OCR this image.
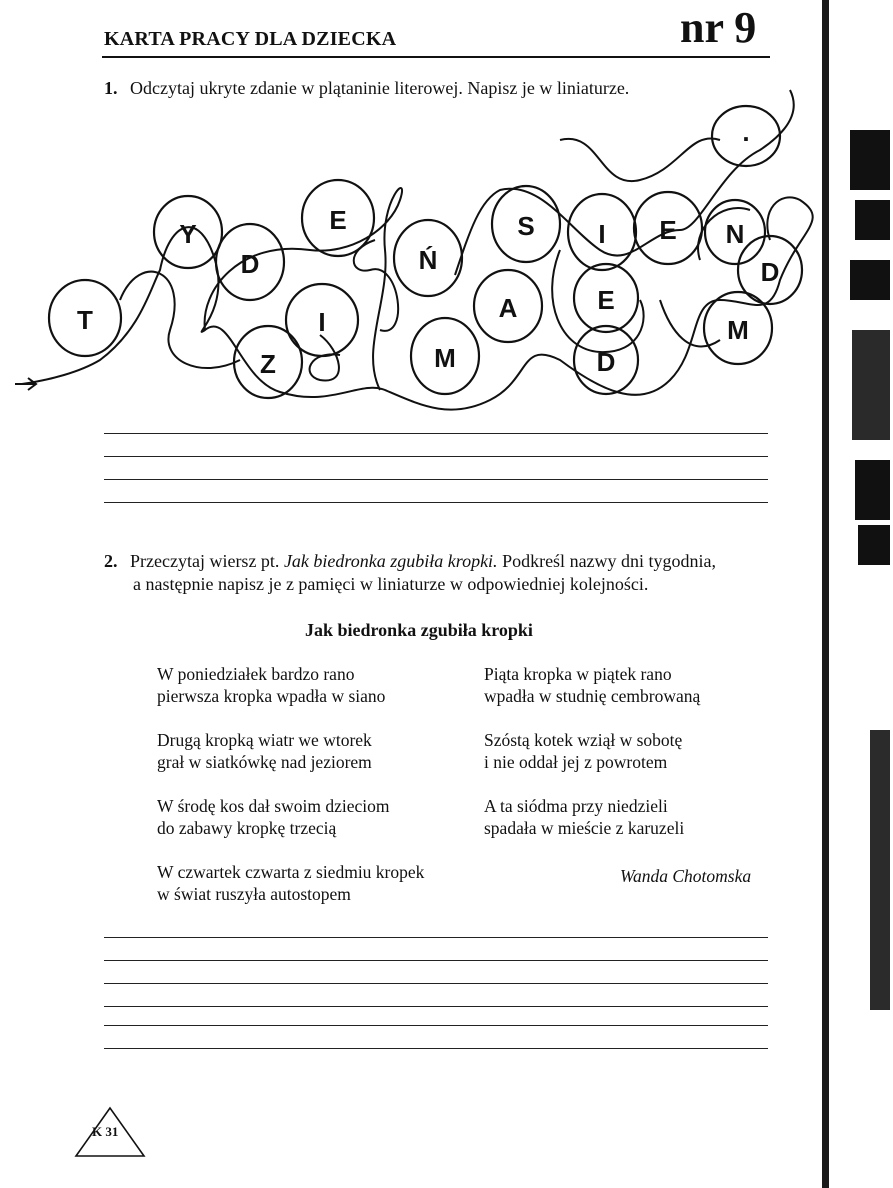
KARTA PRACY DLA DZIECKA	nr 9
1. Odczytaj ukryte zdanie w plątaninie literowej. Napisz je w liniaturze.
T
Y
D
Z
E
I
Ń
M
A
S
E
D
I E N
D
M
.
2. Przeczytaj wiersz pt. Jak biedronka zgubiła kropki. Podkreśl nazwy dni tygodnia,
a następnie napisz je z pamięci w liniaturze w odpowiedniej kolejności.
Jak biedronka zgubiła kropki
W poniedziałek bardzo rano
pierwsza kropka wpadła w siano
Drugą kropką wiatr we wtorek
grał w siatkówkę nad jeziorem
W środę kos dał swoim dzieciom
do zabawy kropkę trzecią
W czwartek czwarta z siedmiu kropek
w świat ruszyła autostopem
Piąta kropka w piątek rano
wpadła w studnię cembrowaną
Szóstą kotek wziął w sobotę
i nie oddał jej z powrotem
A ta siódma przy niedzieli
spadała w mieście z karuzeli
Wanda Chotomska
K 31
